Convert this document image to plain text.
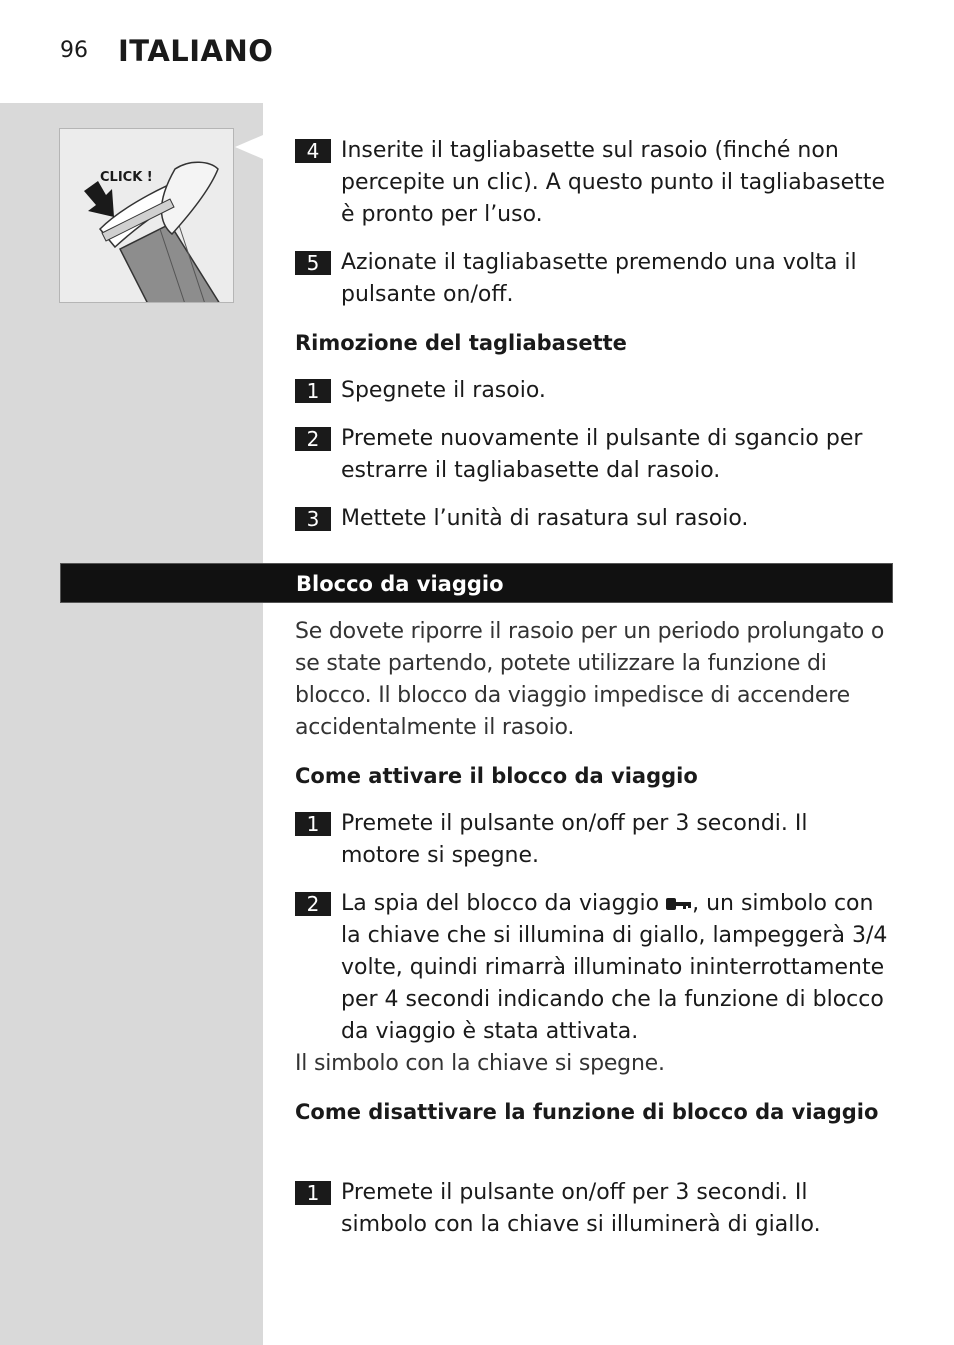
96 ITALIANO
CLICK !
4 Inserite il tagliabasette sul rasoio (finché non percepite un clic). A questo punto il tagliabasette è pronto per l’uso.
5 Azionate il tagliabasette premendo una volta il pulsante on/off.
Rimozione del tagliabasette
1 Spegnete il rasoio.
2 Premete nuovamente il pulsante di sgancio per estrarre il tagliabasette dal rasoio.
3 Mettete l’unità di rasatura sul rasoio.
Blocco da viaggio
Se dovete riporre il rasoio per un periodo prolungato o se state partendo, potete utilizzare la funzione di blocco. Il blocco da viaggio impedisce di accendere accidentalmente il rasoio.
Come attivare il blocco da viaggio
1 Premete il pulsante on/off per 3 secondi. Il motore si spegne.
2 La spia del blocco da viaggio , un simbolo con la chiave che si illumina di giallo, lampeggerà 3/4 volte, quindi rimarrà illuminato ininterrottamente per 4 secondi indicando che la funzione di blocco da viaggio è stata attivata.
Il simbolo con la chiave si spegne.
Come disattivare la funzione di blocco da viaggio
1 Premete il pulsante on/off per 3 secondi. Il simbolo con la chiave si illuminerà di giallo.
